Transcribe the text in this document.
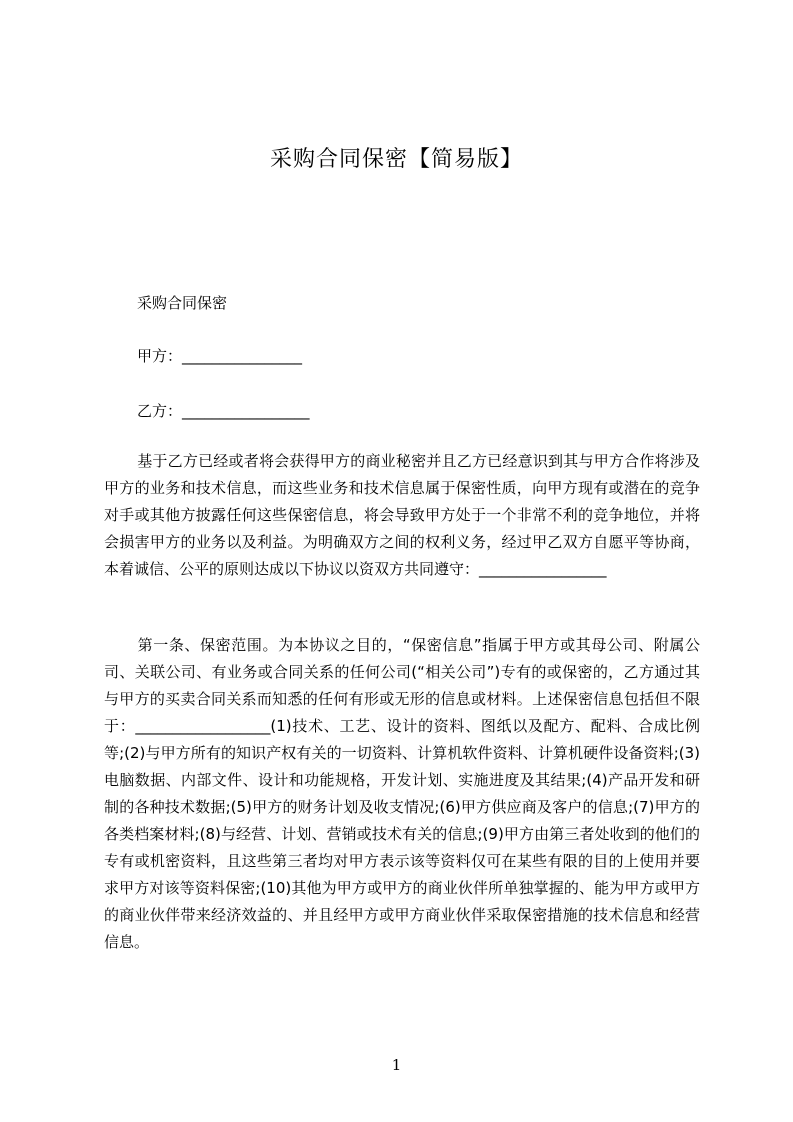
采购合同保密【简易版】
采购合同保密
甲方：________________
乙方：_________________

基于乙方已经或者将会获得甲方的商业秘密并且乙方已经意识到其与甲方合作将涉及甲方的业务和技术信息，而这些业务和技术信息属于保密性质，向甲方现有或潜在的竞争对手或其他方披露任何这些保密信息，将会导致甲方处于一个非常不利的竞争地位，并将会损害甲方的业务以及利益。为明确双方之间的权利义务，经过甲乙双方自愿平等协商，本着诚信、公平的原则达成以下协议以资双方共同遵守：_________________

第一条、保密范围。为本协议之目的，“保密信息”指属于甲方或其母公司、附属公司、关联公司、有业务或合同关系的任何公司(“相关公司”)专有的或保密的，乙方通过其与甲方的买卖合同关系而知悉的任何有形或无形的信息或材料。上述保密信息包括但不限于：__________________(1)技术、工艺、设计的资料、图纸以及配方、配料、合成比例等;(2)与甲方所有的知识产权有关的一切资料、计算机软件资料、计算机硬件设备资料;(3)电脑数据、内部文件、设计和功能规格，开发计划、实施进度及其结果;(4)产品开发和研制的各种技术数据;(5)甲方的财务计划及收支情况;(6)甲方供应商及客户的信息;(7)甲方的各类档案材料;(8)与经营、计划、营销或技术有关的信息;(9)甲方由第三者处收到的他们的专有或机密资料，且这些第三者均对甲方表示该等资料仅可在某些有限的目的上使用并要求甲方对该等资料保密;(10)其他为甲方或甲方的商业伙伴所单独掌握的、能为甲方或甲方的商业伙伴带来经济效益的、并且经甲方或甲方商业伙伴采取保密措施的技术信息和经营信息。

1
